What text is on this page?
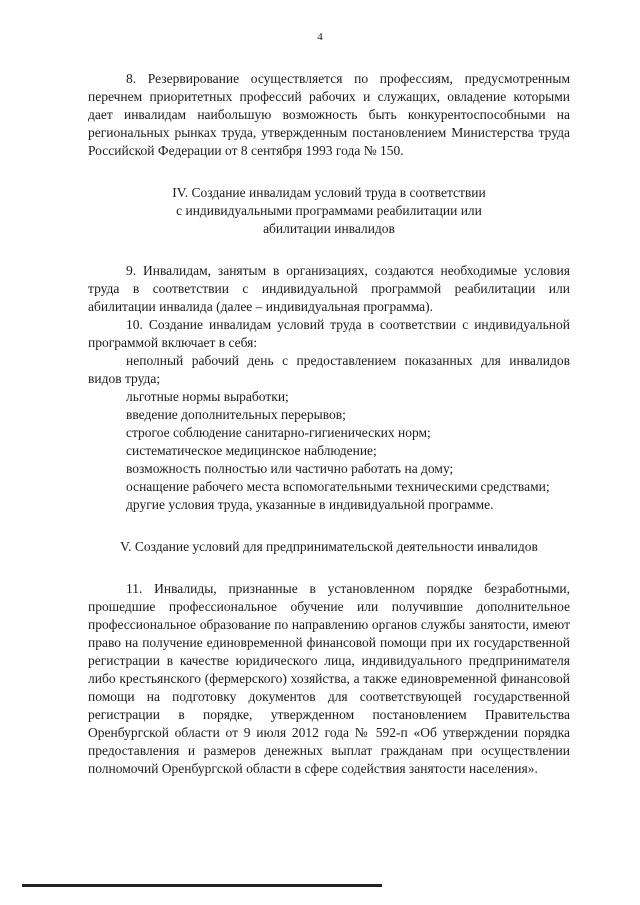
4

8. Резервирование осуществляется по профессиям, предусмотренным перечнем приоритетных профессий рабочих и служащих, овладение которыми дает инвалидам наибольшую возможность быть конкурентоспособными на региональных рынках труда, утвержденным постановлением Министерства труда Российской Федерации от 8 сентября 1993 года № 150.

IV. Создание инвалидам условий труда в соответствии

с индивидуальными программами реабилитации или

абилитации инвалидов

9. Инвалидам, занятым в организациях, создаются необходимые условия труда в соответствии с индивидуальной программой реабилитации или абилитации инвалида (далее – индивидуальная программа).

10. Создание инвалидам условий труда в соответствии с индивидуальной программой включает в себя:

неполный рабочий день с предоставлением показанных для инвалидов видов труда;

льготные нормы выработки;

введение дополнительных перерывов;

строгое соблюдение санитарно-гигиенических норм;

систематическое медицинское наблюдение;

возможность полностью или частично работать на дому;

оснащение рабочего места вспомогательными техническими средствами;

другие условия труда, указанные в индивидуальной программе.

V. Создание условий для предпринимательской деятельности инвалидов

11. Инвалиды, признанные в установленном порядке безработными, прошедшие профессиональное обучение или получившие дополнительное профессиональное образование по направлению органов службы занятости, имеют право на получение единовременной финансовой помощи при их государственной регистрации в качестве юридического лица, индивидуального предпринимателя либо крестьянского (фермерского) хозяйства, а также единовременной финансовой помощи на подготовку документов для соответствующей государственной регистрации в порядке, утвержденном постановлением Правительства Оренбургской области от 9 июля 2012 года № 592-п «Об утверждении порядка предоставления и размеров денежных выплат гражданам при осуществлении полномочий Оренбургской области в сфере содействия занятости населения».
